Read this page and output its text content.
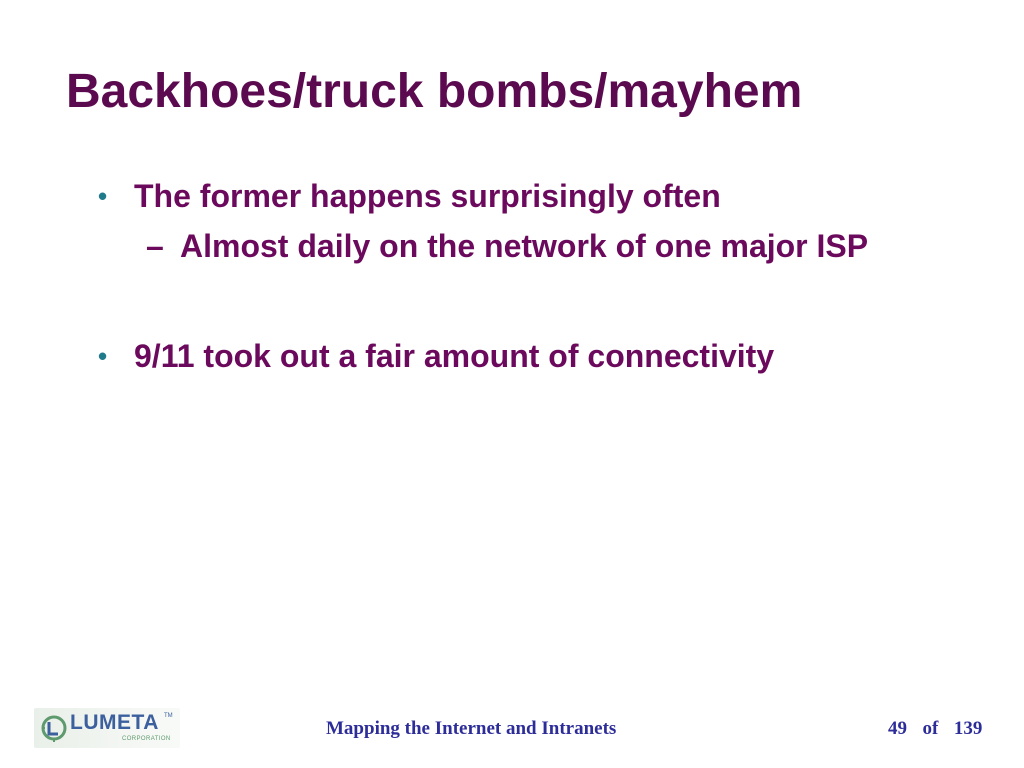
Backhoes/truck bombs/mayhem
• The former happens surprisingly often
– Almost daily on the network of one major ISP
• 9/11 took out a fair amount of connectivity
LUMETA TM
CORPORATION	Mapping the Internet and Intranets	49 of 139
